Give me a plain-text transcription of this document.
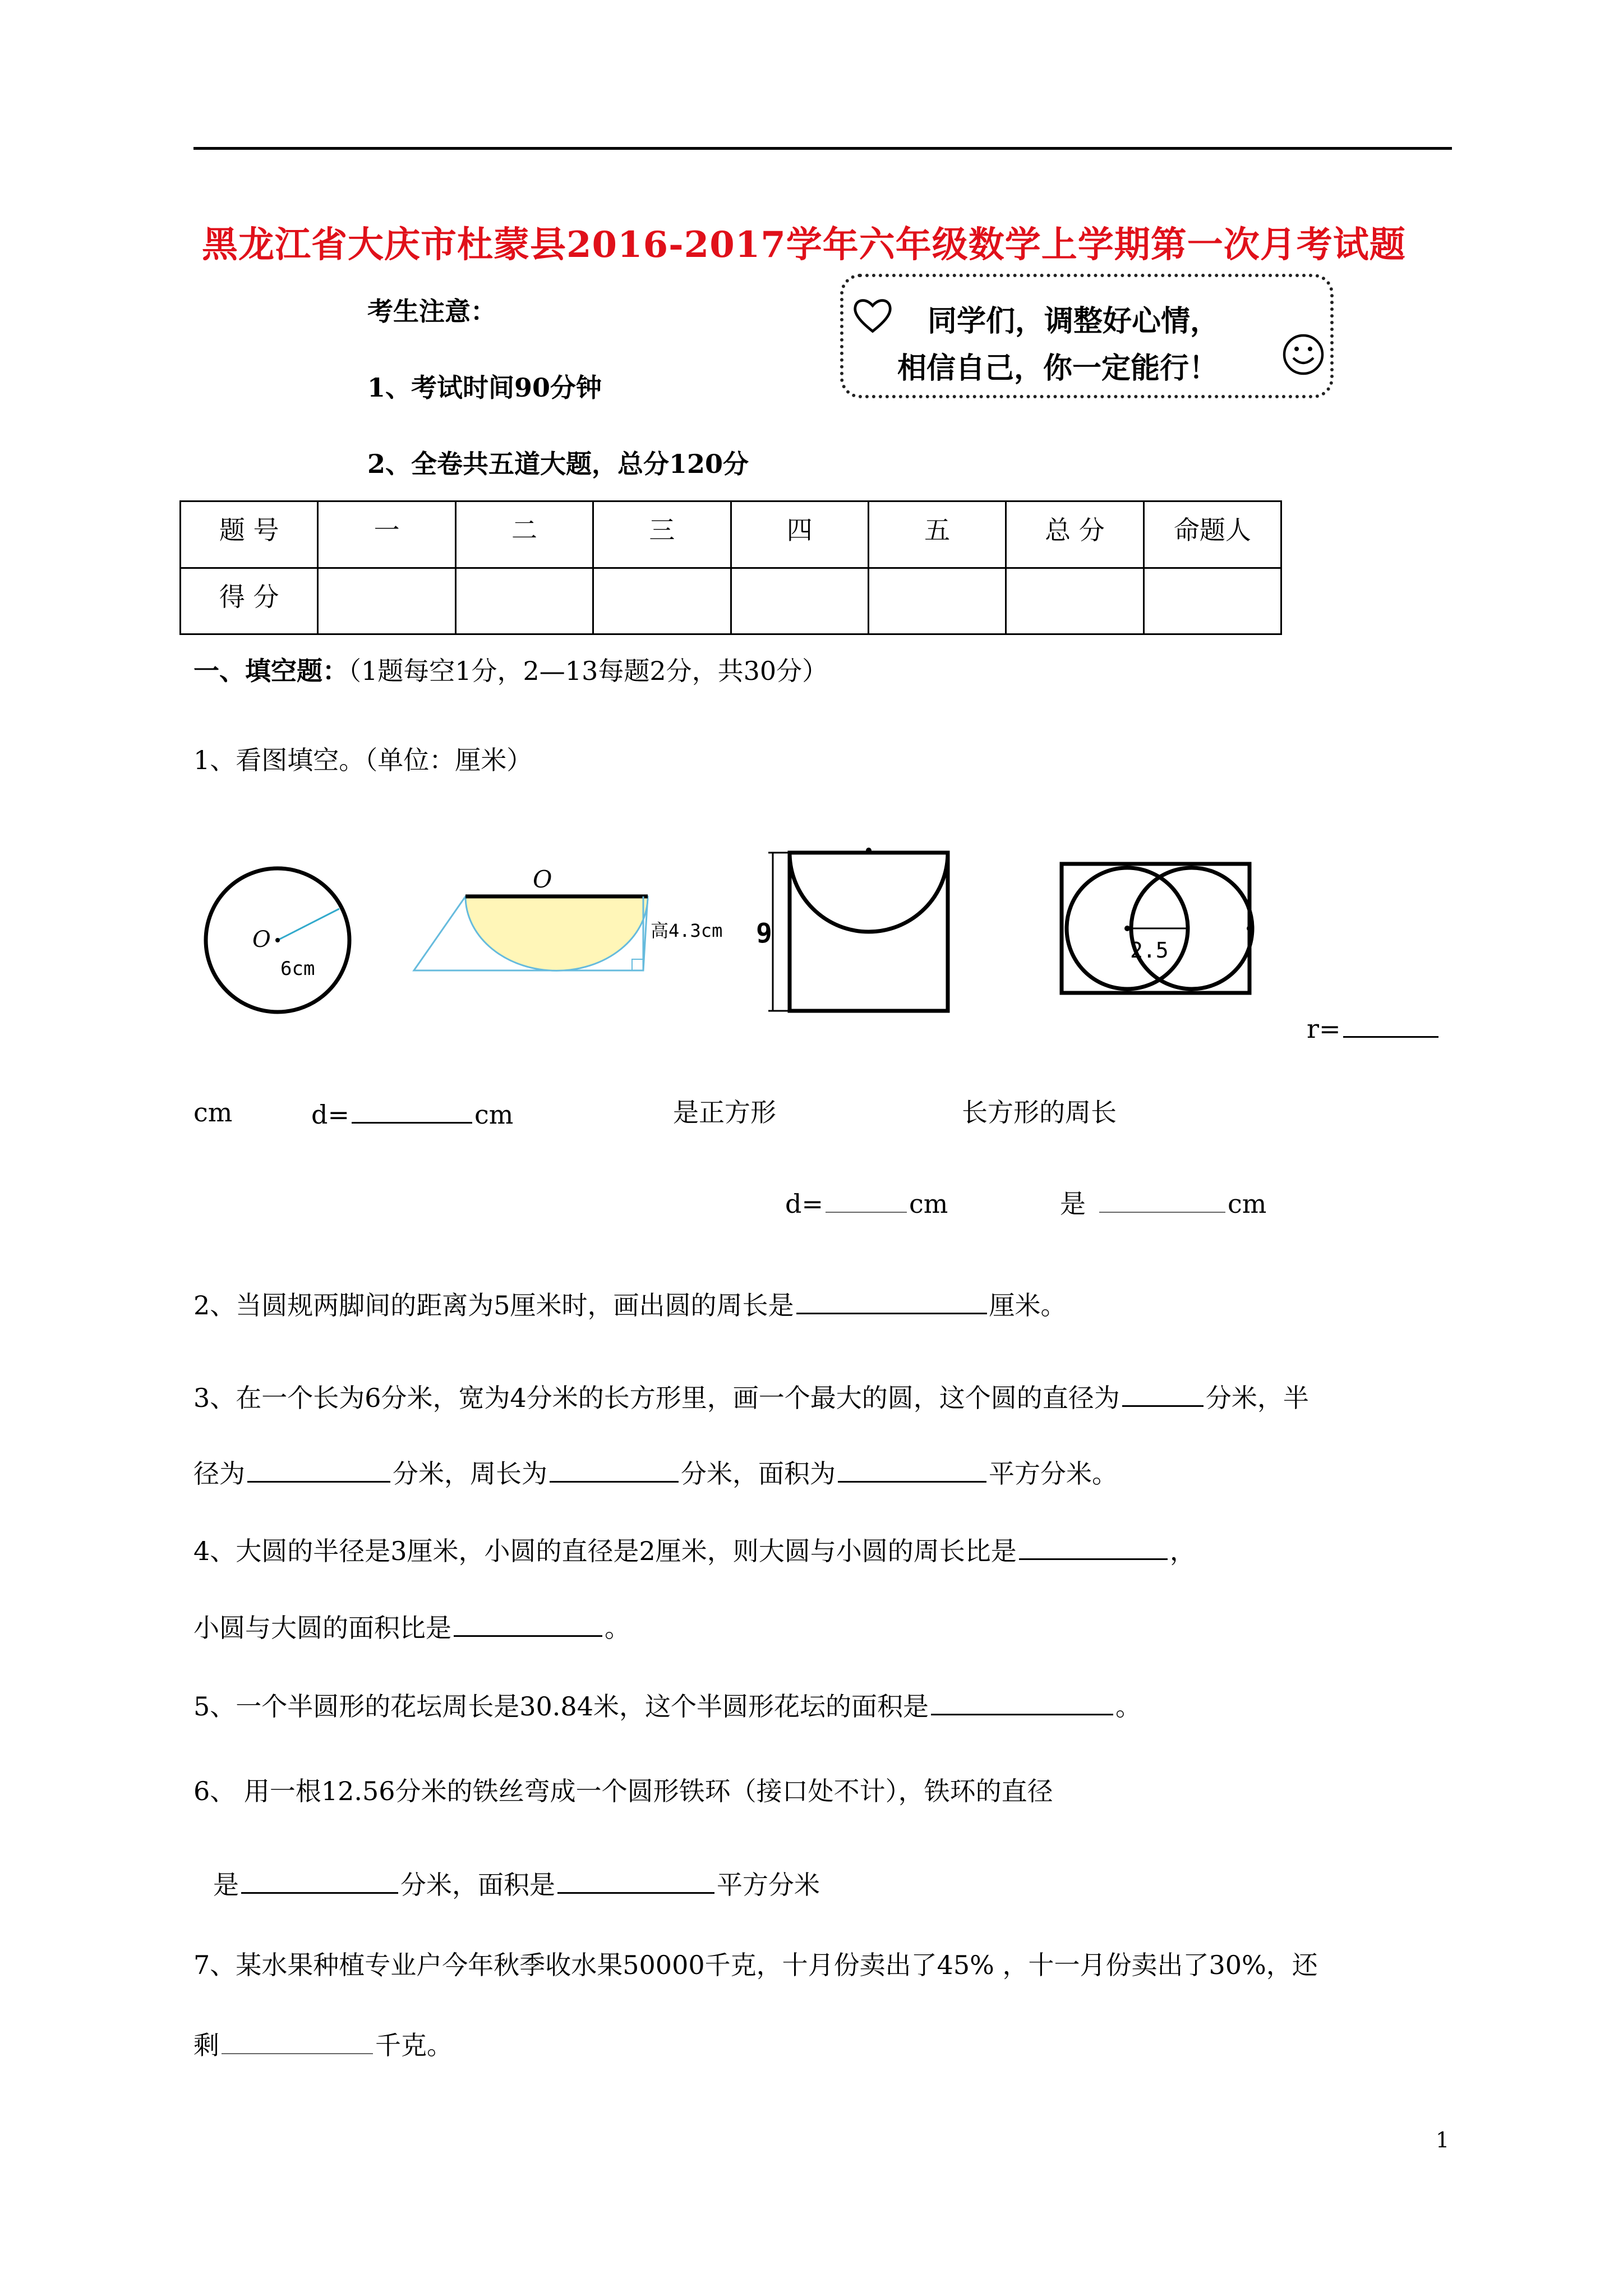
黑龙江省大庆市杜蒙县2016-2017学年六年级数学上学期第一次月考试题
考生注意：
1、考试时间90分钟
2、全卷共五道大题，总分120分
同学们，调整好心情，
相信自己，你一定能行！
题 号	一	二	三	四	五	总 分	命题人
得 分							
一、填空题：（1题每空1分，2—13每题2分，共30分）
1、看图填空。（单位：厘米）
O
6cm
O
高4.3cm 9
2.5
r=
cm	d=	cm	是正方形	长方形的周长
d=	cm	是	cm
2、当圆规两脚间的距离为5厘米时，画出圆的周长是	厘米。
3、在一个长为6分米，宽为4分米的长方形里，画一个最大的圆，这个圆的直径为	分米，半
径为	分米，周长为	分米，面积为	平方分米。
4、大圆的半径是3厘米，小圆的直径是2厘米，则大圆与小圆的周长比是	，
小圆与大圆的面积比是	。
5、一个半圆形的花坛周长是30.84米，这个半圆形花坛的面积是	。
6、 用一根12.56分米的铁丝弯成一个圆形铁环（接口处不计），铁环的直径
是	分米，面积是	平方分米
7、某水果种植专业户今年秋季收水果50000千克，十月份卖出了45% ，十一月份卖出了30%，还
剩	千克。
1
